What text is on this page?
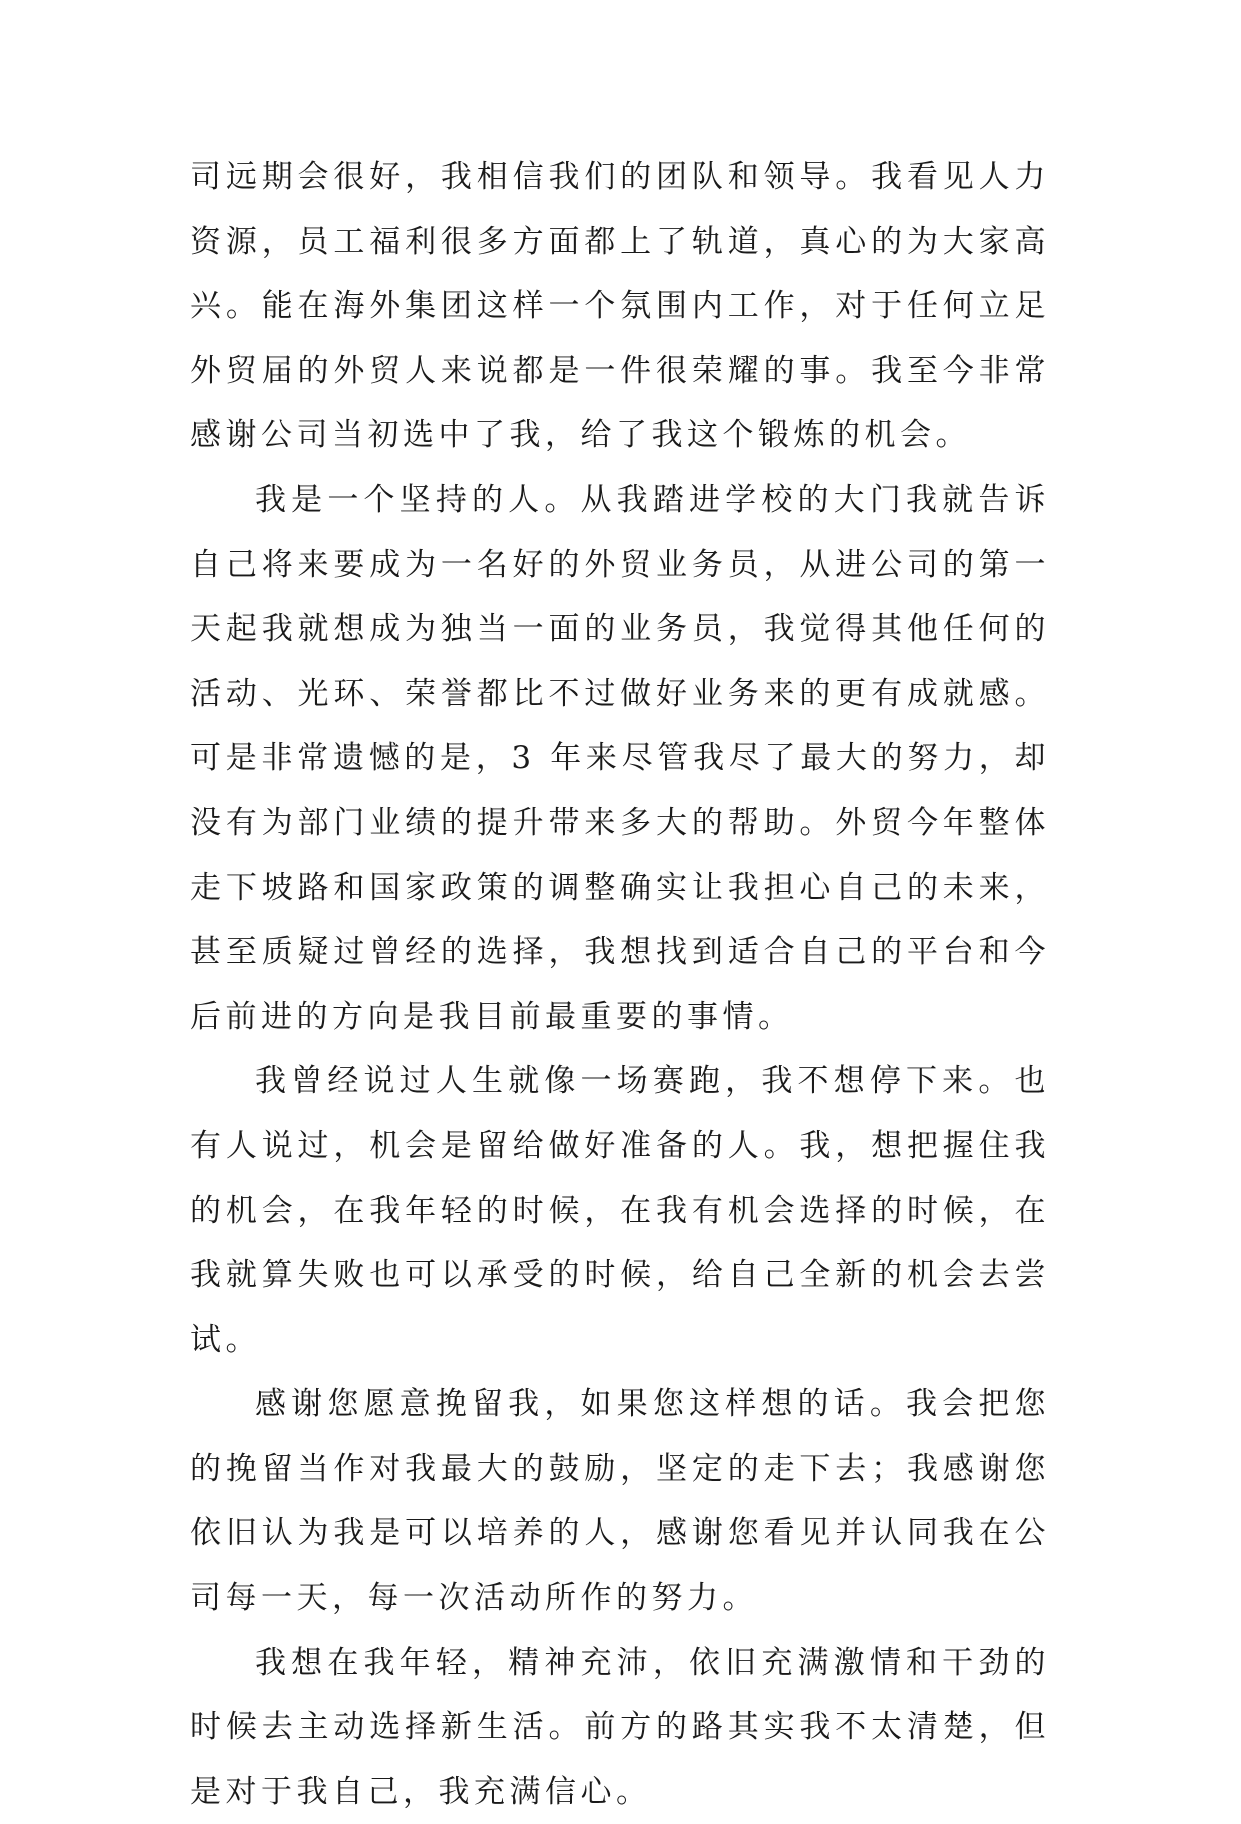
司远期会很好，我相信我们的团队和领导。我看见人力资源，员工福利很多方面都上了轨道，真心的为大家高兴。能在海外集团这样一个氛围内工作，对于任何立足外贸届的外贸人来说都是一件很荣耀的事。我至今非常感谢公司当初选中了我，给了我这个锻炼的机会。

我是一个坚持的人。从我踏进学校的大门我就告诉自己将来要成为一名好的外贸业务员，从进公司的第一天起我就想成为独当一面的业务员，我觉得其他任何的活动、光环、荣誉都比不过做好业务来的更有成就感。可是非常遗憾的是，3 年来尽管我尽了最大的努力，却没有为部门业绩的提升带来多大的帮助。外贸今年整体走下坡路和国家政策的调整确实让我担心自己的未来，甚至质疑过曾经的选择，我想找到适合自己的平台和今后前进的方向是我目前最重要的事情。

我曾经说过人生就像一场赛跑，我不想停下来。也有人说过，机会是留给做好准备的人。我，想把握住我的机会，在我年轻的时候，在我有机会选择的时候，在我就算失败也可以承受的时候，给自己全新的机会去尝试。

感谢您愿意挽留我，如果您这样想的话。我会把您的挽留当作对我最大的鼓励，坚定的走下去；我感谢您依旧认为我是可以培养的人，感谢您看见并认同我在公司每一天，每一次活动所作的努力。

我想在我年轻，精神充沛，依旧充满激情和干劲的时候去主动选择新生活。前方的路其实我不太清楚，但是对于我自己，我充满信心。
